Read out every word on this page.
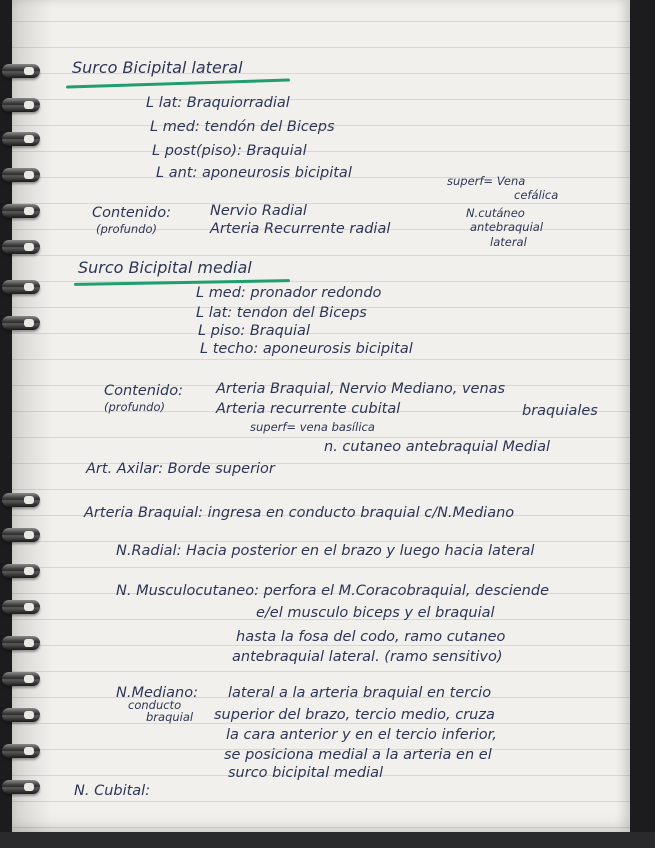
Surco Bicipital lateral
L lat: Braquiorradial
L med: tendón del Biceps
L post(piso): Braquial
L ant: aponeurosis bicipital	superf= Vena
cefálica
N.cutáneo
antebraquial
lateral
Contenido:
(profundo)
Nervio Radial
Arteria Recurrente radial
Surco Bicipital medial
L med: pronador redondo
L lat: tendon del Biceps
L piso: Braquial
L techo: aponeurosis bicipital
Contenido:
(profundo)
Arteria Braquial, Nervio Mediano, venas
braquiales
Arteria recurrente cubital
superf= vena basílica
n. cutaneo antebraquial Medial
Art. Axilar: Borde superior
Arteria Braquial: ingresa en conducto braquial c/N.Mediano
N.Radial: Hacia posterior en el brazo y luego hacia lateral
N. Musculocutaneo: perfora el M.Coracobraquial, desciende
e/el musculo biceps y el braquial
hasta la fosa del codo, ramo cutaneo
antebraquial lateral. (ramo sensitivo)
N.Mediano:
conducto
braquial
lateral a la arteria braquial en tercio
superior del brazo, tercio medio, cruza
la cara anterior y en el tercio inferior,
se posiciona medial a la arteria en el
surco bicipital medial
N. Cubital:
